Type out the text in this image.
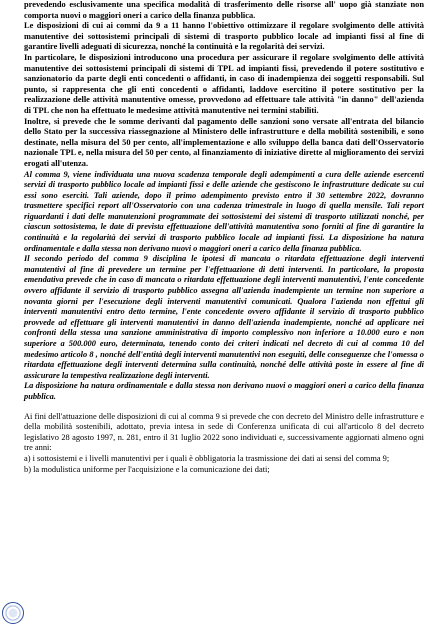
prevedendo esclusivamente una specifica modalità di trasferimento delle risorse all' uopo già stanziate non comporta nuovi o maggiori oneri a carico della finanza pubblica.

Le disposizioni di cui ai commi da 9 a 11 hanno l'obiettivo ottimizzare il regolare svolgimento delle attività manutentive dei sottosistemi principali di sistemi di trasporto pubblico locale ad impianti fissi al fine di garantire livelli adeguati di sicurezza, nonché la continuità e la regolarità dei servizi.

In particolare, le disposizioni introducono una procedura per assicurare il regolare svolgimento delle attività manutentive dei sottosistemi principali di sistemi di TPL ad impianti fissi, prevedendo il potere sostitutivo e sanzionatorio da parte degli enti concedenti o affidanti, in caso di inadempienza dei soggetti responsabili. Sul punto, si rappresenta che gli enti concedenti o affidanti, laddove esercitino il potere sostitutivo per la realizzazione delle attività manutentive omesse, provvedono ad effettuare tale attività "in danno" dell'azienda di TPL che non ha effettuato le medesime attività manutentive nei termini stabiliti.

Inoltre, si prevede che le somme derivanti dal pagamento delle sanzioni sono versate all'entrata del bilancio dello Stato per la successiva riassegnazione al Ministero delle infrastrutture e della mobilità sostenibili, e sono destinate, nella misura del 50 per cento, all'implementazione e allo sviluppo della banca dati dell'Osservatorio nazionale TPL e, nella misura del 50 per cento, al finanziamento di iniziative dirette al miglioramento dei servizi erogati all'utenza.

Al comma 9, viene individuata una nuova scadenza temporale degli adempimenti a cura delle aziende esercenti servizi di trasporto pubblico locale ad impianti fissi e delle aziende che gestiscono le infrastrutture dedicate su cui essi sono eserciti. Tali aziende, dopo il primo adempimento previsto entro il 30 settembre 2022, dovranno trasmettere specifici report all'Osservatorio con una cadenza trimestrale in luogo di quella mensile. Tali report riguardanti i dati delle manutenzioni programmate dei sottosistemi dei sistemi di trasporto utilizzati nonché, per ciascun sottosistema, le date di prevista effettuazione dell'attività manutentiva sono forniti al fine di garantire la continuità e la regolarità dei servizi di trasporto pubblico locale ad impianti fissi. La disposizione ha natura ordinamentale e dalla stessa non derivano nuovi o maggiori oneri a carico della finanza pubblica.

Il secondo periodo del comma 9 disciplina le ipotesi di mancata o ritardata effettuazione degli interventi manutentivi al fine di prevedere un termine per l'effettuazione di detti interventi. In particolare, la proposta emendativa prevede che in caso di mancata o ritardata effettuazione degli interventi manutentivi, l'ente concedente ovvero affidante il servizio di trasporto pubblico assegna all'azienda inadempiente un termine non superiore a novanta giorni per l'esecuzione degli interventi manutentivi comunicati. Qualora l'azienda non effettui gli interventi manutentivi entro detto termine, l'ente concedente ovvero affidante il servizio di trasporto pubblico provvede ad effettuare gli interventi manutentivi in danno dell'azienda inadempiente, nonché ad applicare nei confronti della stessa una sanzione amministrativa di importo complessivo non inferiore a 10.000 euro e non superiore a 500.000 euro, determinata, tenendo conto dei criteri indicati nel decreto di cui al comma 10 del medesimo articolo 8 , nonché dell'entità degli interventi manutentivi non eseguiti, delle conseguenze che l'omessa o ritardata effettuazione degli interventi determina sulla continuità, nonché delle attività poste in essere al fine di assicurare la tempestiva realizzazione degli interventi.

La disposizione ha natura ordinamentale e dalla stessa non derivano nuovi o maggiori oneri a carico della finanza pubblica.

Ai fini dell'attuazione delle disposizioni di cui al comma 9 si prevede che con decreto del Ministro delle infrastrutture e della mobilità sostenibili, adottato, previa intesa in sede di Conferenza unificata di cui all'articolo 8 del decreto legislativo 28 agosto 1997, n. 281, entro il 31 luglio 2022 sono individuati e, successivamente aggiornati almeno ogni tre anni:

a) i sottosistemi e i livelli manutentivi per i quali è obbligatoria la trasmissione dei dati ai sensi del comma 9;

b) la modulistica uniforme per l'acquisizione e la comunicazione dei dati;
